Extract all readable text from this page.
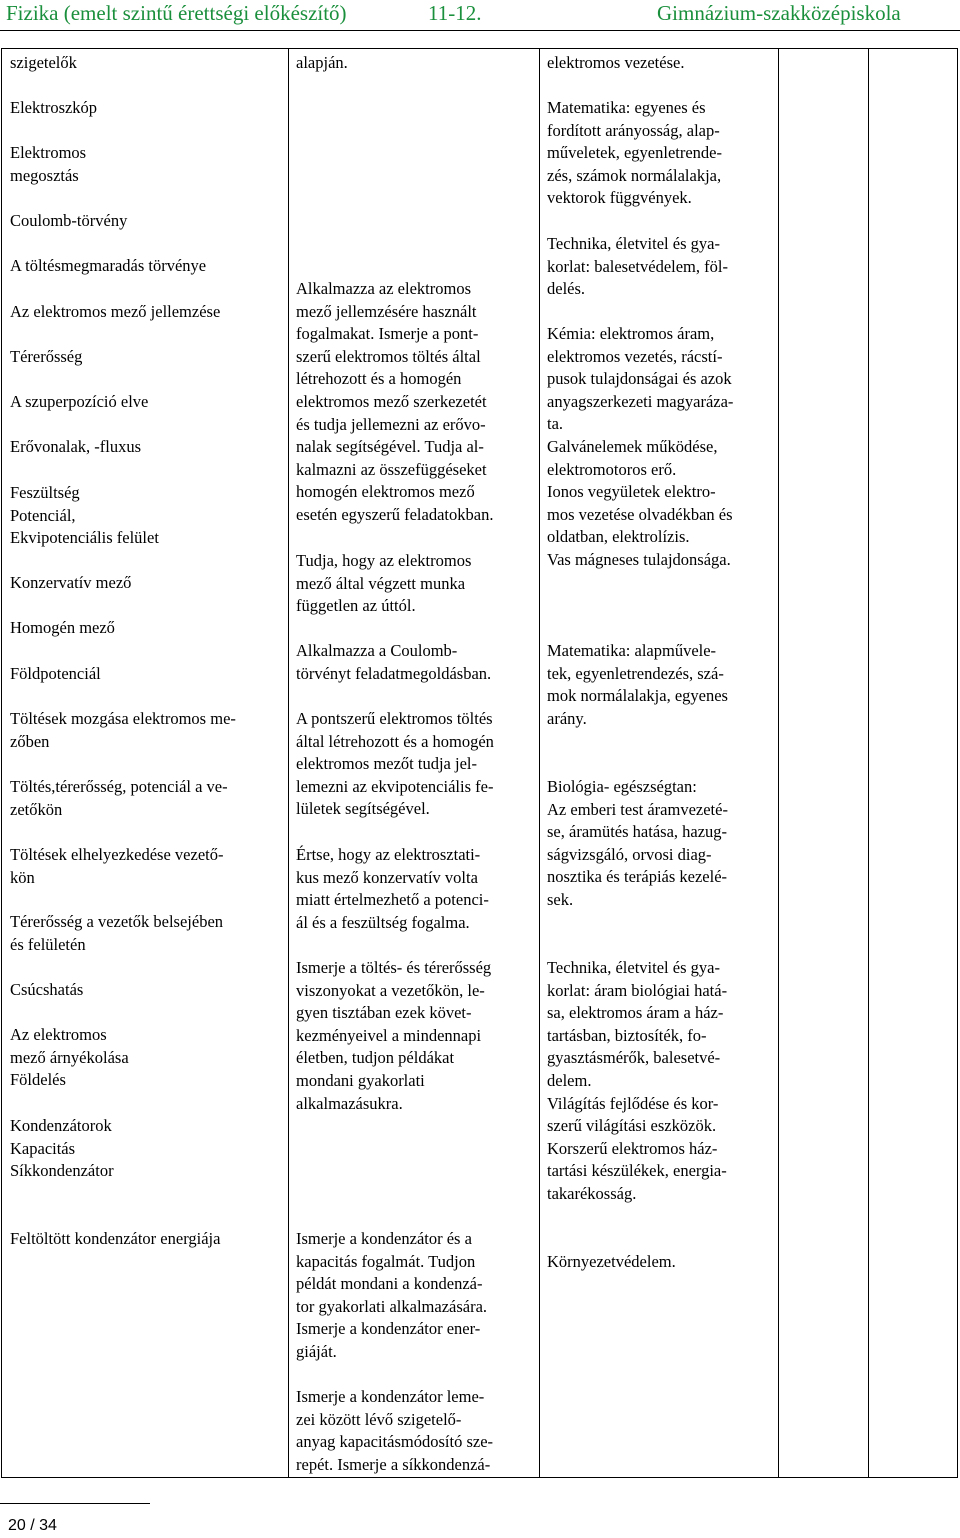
Fizika (emelt szintű érettségi előkészítő)	11-12.	Gimnázium-szakközépiskola
szigetelők
Elektroszkóp
Elektromos
megosztás
Coulomb-törvény
A töltésmegmaradás törvénye
Az elektromos mező jellemzése
Térerősség
A szuperpozíció elve
Erővonalak, -fluxus
Feszültség
Potenciál,
Ekvipotenciális felület
Konzervatív mező
Homogén mező
Földpotenciál
Töltések mozgása elektromos me-
zőben
Töltés,térerősség, potenciál a ve-
zetőkön
Töltések elhelyezkedése vezető-
kön
Térerősség a vezetők belsejében
és felületén
Csúcshatás
Az elektromos
mező árnyékolása
Földelés
Kondenzátorok
Kapacitás
Síkkondenzátor
Feltöltött kondenzátor energiája
alapján.
Alkalmazza az elektromos
mező jellemzésére használt
fogalmakat. Ismerje a pont-
szerű elektromos töltés által
létrehozott és a homogén
elektromos mező szerkezetét
és tudja jellemezni az erővo-
nalak segítségével. Tudja al-
kalmazni az összefüggéseket
homogén elektromos mező
esetén egyszerű feladatokban.
Tudja, hogy az elektromos
mező által végzett munka
független az úttól.
Alkalmazza a Coulomb-
törvényt feladatmegoldásban.
A pontszerű elektromos töltés
által létrehozott és a homogén
elektromos mezőt tudja jel-
lemezni az ekvipotenciális fe-
lületek segítségével.
Értse, hogy az elektrosztati-
kus mező konzervatív volta
miatt értelmezhető a potenci-
ál és a feszültség fogalma.
Ismerje a töltés- és térerősség
viszonyokat a vezetőkön, le-
gyen tisztában ezek követ-
kezményeivel a mindennapi
életben, tudjon példákat
mondani gyakorlati
alkalmazásukra.
Ismerje a kondenzátor és a
kapacitás fogalmát. Tudjon
példát mondani a kondenzá-
tor gyakorlati alkalmazására.
Ismerje a kondenzátor ener-
giáját.
Ismerje a kondenzátor leme-
zei között lévő szigetelő-
anyag kapacitásmódosító sze-
repét. Ismerje a síkkondenzá-
elektromos vezetése.
Matematika: egyenes és
fordított arányosság, alap-
műveletek, egyenletrende-
zés, számok normálalakja,
vektorok függvények.
Technika, életvitel és gya-
korlat: balesetvédelem, föl-
delés.
Kémia: elektromos áram,
elektromos vezetés, rácstí-
pusok tulajdonságai és azok
anyagszerkezeti magyaráza-
ta.
Galvánelemek működése,
elektromotoros erő.
Ionos vegyületek elektro-
mos vezetése olvadékban és
oldatban, elektrolízis.
Vas mágneses tulajdonsága.
Matematika: alapművele-
tek, egyenletrendezés, szá-
mok normálalakja, egyenes
arány.
Biológia- egészségtan:
Az emberi test áramvezeté-
se, áramütés hatása, hazug-
ságvizsgáló, orvosi diag-
nosztika és terápiás kezelé-
sek.
Technika, életvitel és gya-
korlat: áram biológiai hatá-
sa, elektromos áram a ház-
tartásban, biztosíték, fo-
gyasztásmérők, balesetvé-
delem.
Világítás fejlődése és kor-
szerű világítási eszközök.
Korszerű elektromos ház-
tartási készülékek, energia-
takarékosság.
Környezetvédelem.
20 / 34
